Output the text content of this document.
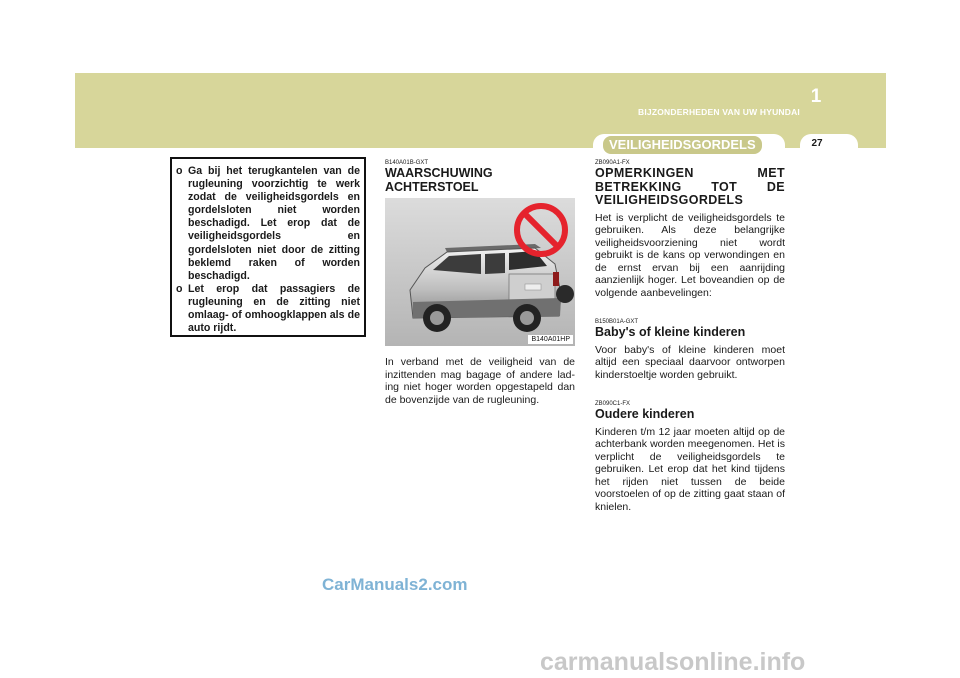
BIJZONDERHEDEN VAN UW HYUNDAI
1
VEILIGHEIDSGORDELS	27
o Ga bij het terugkantelen van de rugleuning voorzichtig te werk zodat de veiligheidsgordels en gordelsloten niet worden beschadigd. Let erop dat de veiligheidsgordels en gordelsloten niet door de zitting beklemd raken of worden beschadigd.
o Let erop dat passagiers de rugleuning en de zitting niet omlaag- of omhoogklappen als de auto rijdt.

B140A01B-GXT

WAARSCHUWING ACHTERSTOEL

B140A01HP

In verband met de veiligheid van de inzittenden mag bagage of andere lad-ing niet hoger worden opgestapeld dan de bovenzijde van de rugleuning.

ZB090A1-FX

OPMERKINGEN MET BETREKKING TOT DE VEILIGHEIDSGORDELS

Het is verplicht de veiligheidsgordels te gebruiken. Als deze belangrijke veiligheidsvoorziening niet wordt gebruikt is de kans op verwondingen en de ernst ervan bij een aanrijding aanzienlijk hoger. Let boveandien op de volgende aanbevelingen:

B150B01A-GXT

Baby's of kleine kinderen

Voor baby's of kleine kinderen moet altijd een speciaal daarvoor ontworpen kinderstoeltje worden gebruikt.

ZB090C1-FX

Oudere kinderen

Kinderen t/m 12 jaar moeten altijd op de achterbank worden meegenomen. Het is verplicht de veiligheidsgordels te gebruiken. Let erop dat het kind tijdens het rijden niet tussen de beide voorstoelen of op de zitting gaat staan of knielen.

CarManuals2.com
carmanualsonline.info
